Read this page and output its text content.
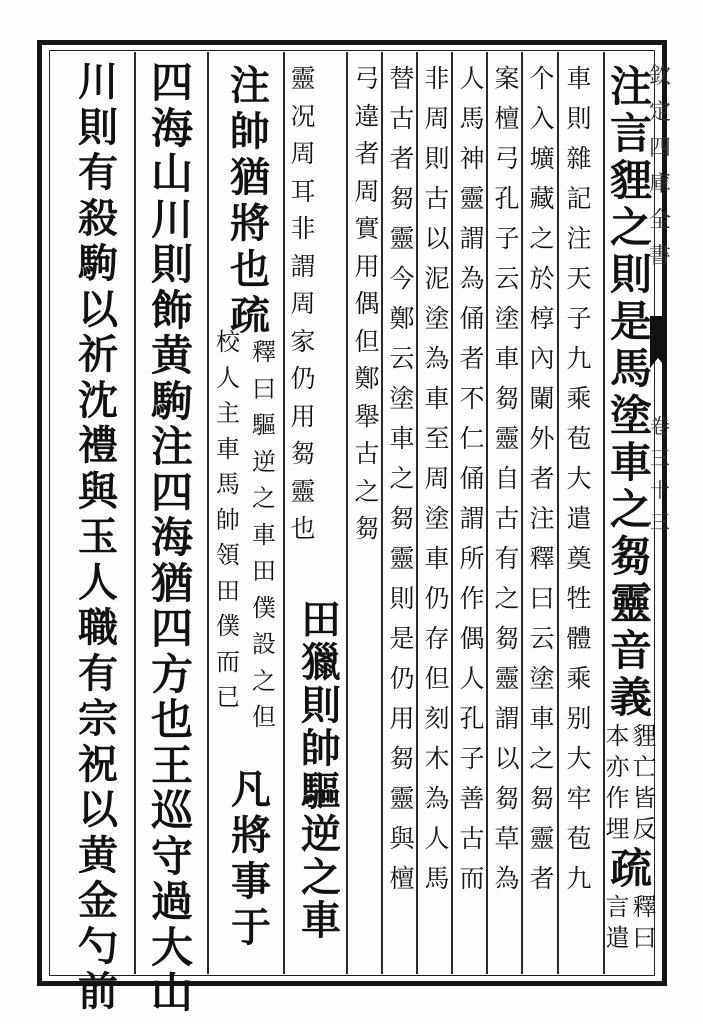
欽
定
四
庫
全
書
卷
三
十
三
注
言
貍
之
則
是
馬
塗
車
之
芻
靈
音
義
貍
亡
皆
反
本
亦
作
埋
疏
釋
曰
言
遣
車
則
雜
記
注
天
子
九
乘
苞
大
遣
奠
牲
體
乘
别
大
牢
苞
九
个
入
壙
藏
之
於
椁
內
䦨
外
者
注
釋
曰
云
塗
車
之
芻
靈
者
案
檀
弓
孔
子
云
塗
車
芻
靈
自
古
有
之
芻
靈
謂
以
芻
草
為
人
馬
神
靈
謂
為
俑
者
不
仁
俑
謂
所
作
偶
人
孔
子
善
古
而
非
周
則
古
以
泥
塗
為
車
至
周
塗
車
仍
存
但
刻
木
為
人
馬
替
古
者
芻
靈
今
鄭
云
塗
車
之
芻
靈
則
是
仍
用
芻
靈
與
檀
弓
違
者
周
實
用
偶
但
鄭
舉
古
之
芻
田
獵
則
帥
驅
逆
之
車
靈
况
周
耳
非
謂
周
家
仍
用
芻
靈
也
注
帥
猶
將
也
疏
釋
曰
驅
逆
之
車
田
僕
設
之
但
校
人
主
車
馬
帥
領
田
僕
而
已
凡
將
事
于
四
海
山
川
則
飾
黄
駒
注
四
海
猶
四
方
也
王
巡
守
過
大
山
川
則
有
殺
駒
以
祈
沈
禮
與
玉
人
職
有
宗
祝
以
黄
金
勺
前
